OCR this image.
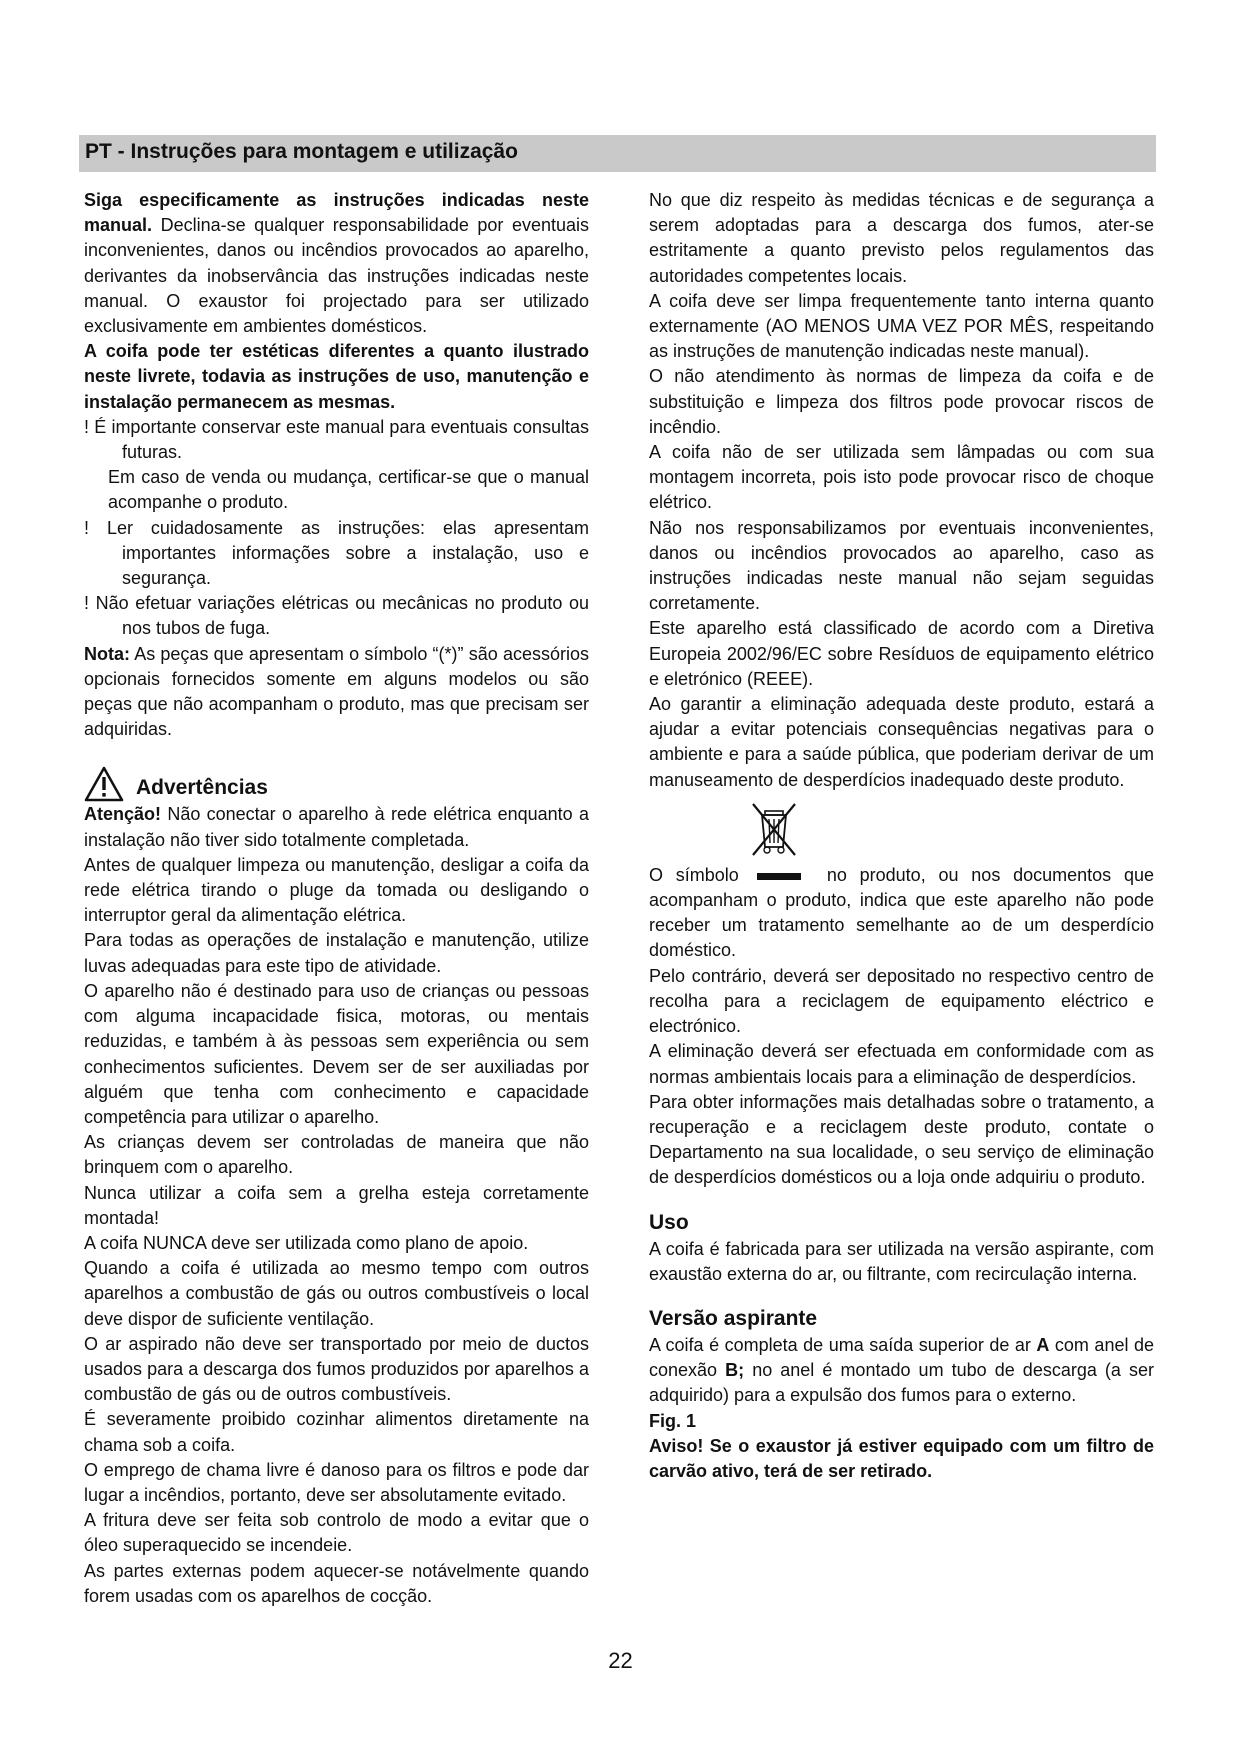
PT - Instruções para montagem e utilização

Siga especificamente as instruções indicadas neste manual. Declina-se qualquer responsabilidade por eventuais inconvenientes, danos ou incêndios provocados ao aparelho, derivantes da inobservância das instruções indicadas neste manual. O exaustor foi projectado para ser utilizado exclusivamente em ambientes domésticos.

A coifa pode ter estéticas diferentes a quanto ilustrado neste livrete, todavia as instruções de uso, manutenção e instalação permanecem as mesmas.

! É importante conservar este manual para eventuais consultas futuras.

Em caso de venda ou mudança, certificar-se que o manual acompanhe o produto.

! Ler cuidadosamente as instruções: elas apresentam importantes informações sobre a instalação, uso e segurança.

! Não efetuar variações elétricas ou mecânicas no produto ou nos tubos de fuga.

Nota: As peças que apresentam o símbolo “(*)” são acessórios opcionais fornecidos somente em alguns modelos ou são peças que não acompanham o produto, mas que precisam ser adquiridas.

Advertências

Atenção! Não conectar o aparelho à rede elétrica enquanto a instalação não tiver sido totalmente completada.

Antes de qualquer limpeza ou manutenção, desligar a coifa da rede elétrica tirando o pluge da tomada ou desligando o interruptor geral da alimentação elétrica.

Para todas as operações de instalação e manutenção, utilize luvas adequadas para este tipo de atividade.

O aparelho não é destinado para uso de crianças ou pessoas com alguma incapacidade fisica, motoras, ou mentais reduzidas, e também à às pessoas sem experiência ou sem conhecimentos suficientes. Devem ser de ser auxiliadas por alguém que tenha com conhecimento e capacidade competência para utilizar o aparelho.

As crianças devem ser controladas de maneira que não brinquem com o aparelho.

Nunca utilizar a coifa sem a grelha esteja corretamente montada!

A coifa NUNCA deve ser utilizada como plano de apoio.

Quando a coifa é utilizada ao mesmo tempo com outros aparelhos a combustão de gás ou outros combustíveis o local deve dispor de suficiente ventilação.

O ar aspirado não deve ser transportado por meio de ductos usados para a descarga dos fumos produzidos por aparelhos a combustão de gás ou de outros combustíveis.

É severamente proibido cozinhar alimentos diretamente na chama sob a coifa.

O emprego de chama livre é danoso para os filtros e pode dar lugar a incêndios, portanto, deve ser absolutamente evitado.

A fritura deve ser feita sob controlo de modo a evitar que o óleo superaquecido se incendeie.

As partes externas podem aquecer-se notávelmente quando forem usadas com os aparelhos de cocção.

No que diz respeito às medidas técnicas e de segurança a serem adoptadas para a descarga dos fumos, ater-se estritamente a quanto previsto pelos regulamentos das autoridades competentes locais.

A coifa deve ser limpa frequentemente tanto interna quanto externamente (AO MENOS UMA VEZ POR MÊS, respeitando as instruções de manutenção indicadas neste manual).

O não atendimento às normas de limpeza da coifa e de substituição e limpeza dos filtros pode provocar riscos de incêndio.

A coifa não de ser utilizada sem lâmpadas ou com sua montagem incorreta, pois isto pode provocar risco de choque elétrico.

Não nos responsabilizamos por eventuais inconvenientes, danos ou incêndios provocados ao aparelho, caso as instruções indicadas neste manual não sejam seguidas corretamente.

Este aparelho está classificado de acordo com a Diretiva Europeia 2002/96/EC sobre Resíduos de equipamento elétrico e eletrónico (REEE).

Ao garantir a eliminação adequada deste produto, estará a ajudar a evitar potenciais consequências negativas para o ambiente e para a saúde pública, que poderiam derivar de um manuseamento de desperdícios inadequado deste produto.

O símbolo	no produto, ou nos documentos que acompanham o produto, indica que este aparelho não pode receber um tratamento semelhante ao de um desperdício doméstico.

Pelo contrário, deverá ser depositado no respectivo centro de recolha para a reciclagem de equipamento eléctrico e electrónico.

A eliminação deverá ser efectuada em conformidade com as normas ambientais locais para a eliminação de desperdícios.

Para obter informações mais detalhadas sobre o tratamento, a recuperação e a reciclagem deste produto, contate o Departamento na sua localidade, o seu serviço de eliminação de desperdícios domésticos ou a loja onde adquiriu o produto.

Uso

A coifa é fabricada para ser utilizada na versão aspirante, com exaustão externa do ar, ou filtrante, com recirculação interna.

Versão aspirante

A coifa é completa de uma saída superior de ar A com anel de conexão B; no anel é montado um tubo de descarga (a ser adquirido) para a expulsão dos fumos para o externo.

Fig. 1

Aviso! Se o exaustor já estiver equipado com um filtro de carvão ativo, terá de ser retirado.

22
